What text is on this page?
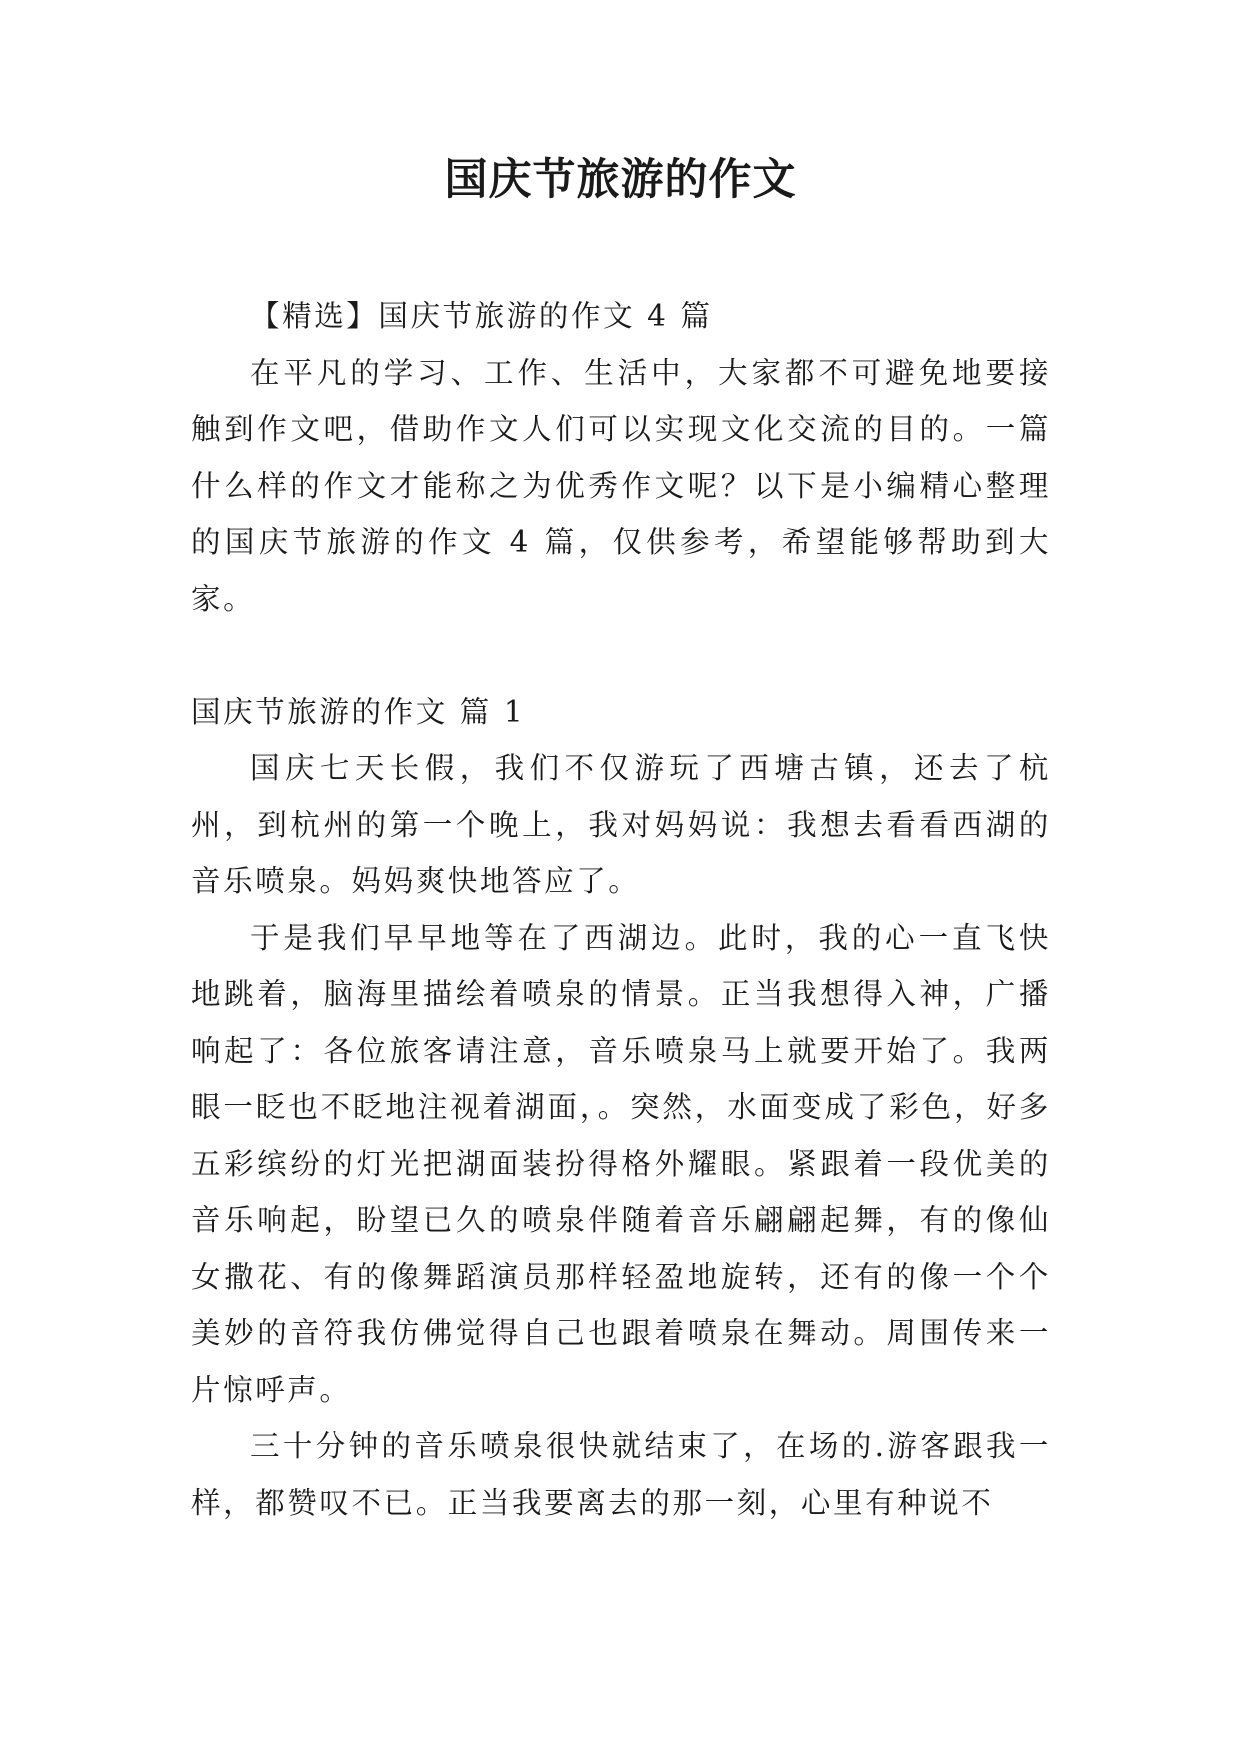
国庆节旅游的作文

【精选】国庆节旅游的作文 4 篇

在平凡的学习、工作、生活中，大家都不可避免地要接触到作文吧，借助作文人们可以实现文化交流的目的。一篇什么样的作文才能称之为优秀作文呢？以下是小编精心整理的国庆节旅游的作文 4 篇，仅供参考，希望能够帮助到大家。

国庆节旅游的作文 篇 1

国庆七天长假，我们不仅游玩了西塘古镇，还去了杭州，到杭州的第一个晚上，我对妈妈说：我想去看看西湖的音乐喷泉。妈妈爽快地答应了。

于是我们早早地等在了西湖边。此时，我的心一直飞快地跳着，脑海里描绘着喷泉的情景。正当我想得入神，广播响起了：各位旅客请注意，音乐喷泉马上就要开始了。我两眼一眨也不眨地注视着湖面，。突然，水面变成了彩色，好多五彩缤纷的灯光把湖面装扮得格外耀眼。紧跟着一段优美的音乐响起，盼望已久的喷泉伴随着音乐翩翩起舞，有的像仙女撒花、有的像舞蹈演员那样轻盈地旋转，还有的像一个个美妙的音符我仿佛觉得自己也跟着喷泉在舞动。周围传来一片惊呼声。

三十分钟的音乐喷泉很快就结束了，在场的.游客跟我一样，都赞叹不已。正当我要离去的那一刻，心里有种说不
